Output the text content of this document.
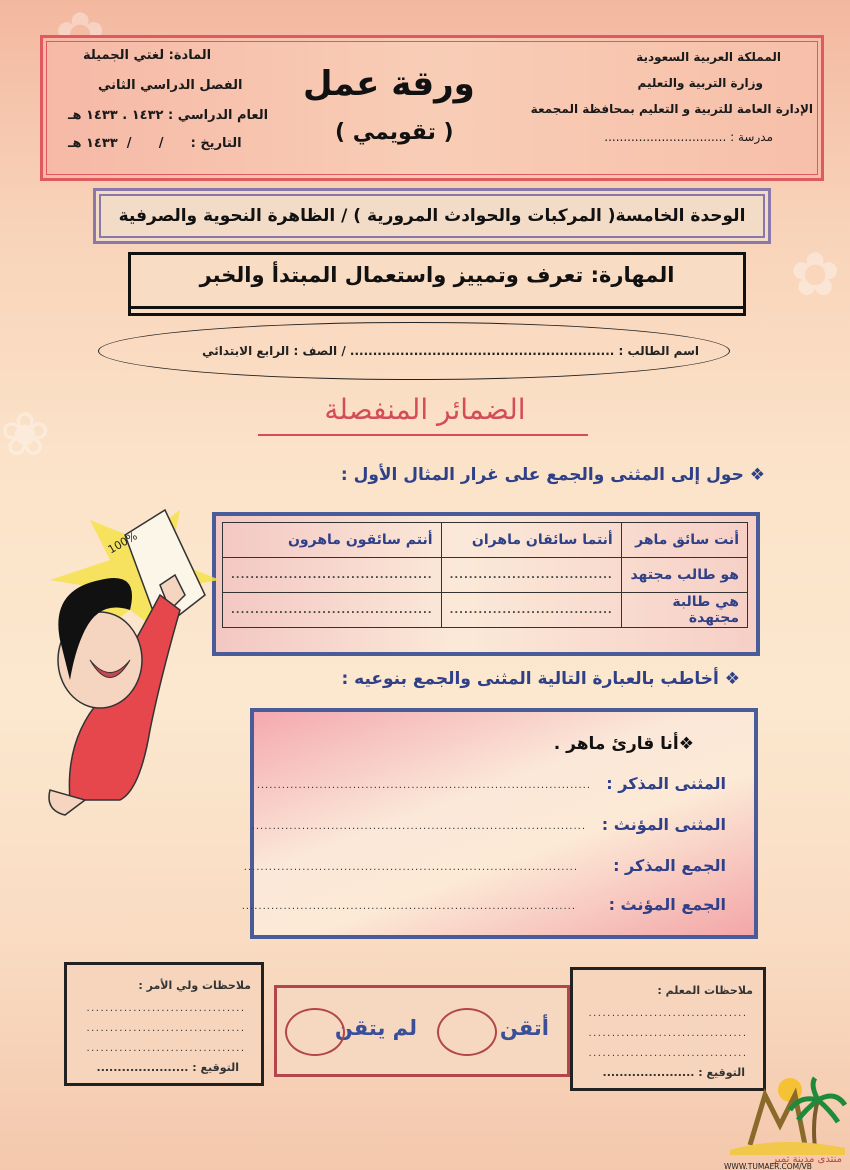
✿
❀
المملكة العربية السعودية
وزارة التربية والتعليم
الإدارة العامة للتربية و التعليم بمحافظة المجمعة
مدرسة : ................................
ورقة عمل
( تقويمي )
المادة: لغتي الجميلة
الفصل الدراسي الثاني
العام الدراسي : ١٤٣٢ . ١٤٣٣ هـ
التاريخ :      /      /  ١٤٣٣ هـ
الوحدة الخامسة( المركبات والحوادث المرورية ) / الظاهرة النحوية والصرفية
المهارة: تعرف وتمييز واستعمال المبتدأ والخبر
اسم الطالب : .......................................................... / الصف : الرابع الابتدائي
الضمائر المنفصلة
❖ حول إلى المثنى والجمع على غرار المثال الأول :
أنت سائق ماهر	أنتما سائقان ماهران	أنتم سائقون ماهرون
هو طالب مجتهد	..................................	..........................................
هي طالبة مجتهدة	..................................	..........................................
100%
❖ أخاطب بالعبارة التالية المثنى والجمع بنوعيه :
❖أنا قارئ ماهر .
المثنى المذكر :
................................................................................
المثنى المؤنث :
................................................................................
الجمع المذكر :
................................................................................
الجمع المؤنث :
................................................................................
ملاحظات ولي الأمر :
..................................
..................................
..................................
التوقيع : ......................
أتقن
لم يتقن
ملاحظات المعلم :
..................................
..................................
..................................
التوقيع : ......................
منتدى مدينة تمير
WWW.TUMAER.COM/VB
